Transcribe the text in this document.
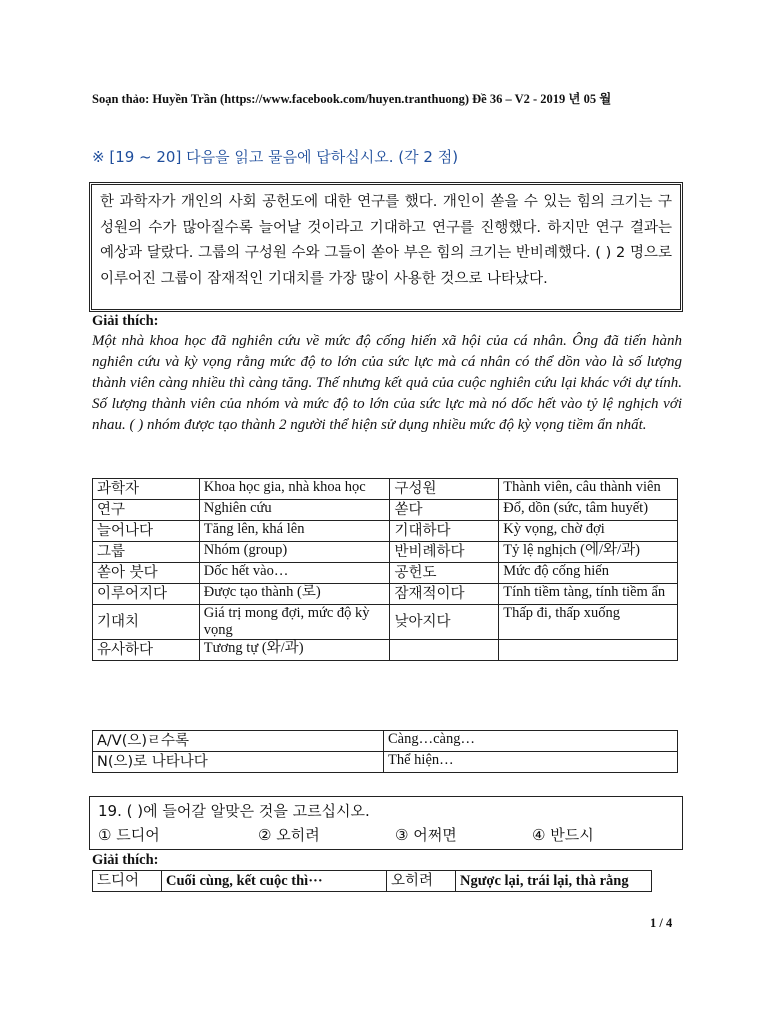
Soạn thảo: Huyền Trần (https://www.facebook.com/huyen.tranthuong) Đề 36 – V2 - 2019 년 05 월
※ [19 ~ 20] 다음을 읽고 물음에 답하십시오. (각 2 점)
한 과학자가 개인의 사회 공헌도에 대한 연구를 했다. 개인이 쏟을 수 있는 힘의 크기는 구성원의 수가 많아질수록 늘어날 것이라고 기대하고 연구를 진행했다. 하지만 연구 결과는 예상과 달랐다. 그룹의 구성원 수와 그들이 쏟아 부은 힘의 크기는 반비례했다. ( ) 2 명으로 이루어진 그룹이 잠재적인 기대치를 가장 많이 사용한 것으로 나타났다.
Giải thích:
Một nhà khoa học đã nghiên cứu về mức độ cống hiến xã hội của cá nhân. Ông đã tiến hành nghiên cứu và kỳ vọng rằng mức độ to lớn của sức lực mà cá nhân có thể dồn vào là số lượng thành viên càng nhiều thì càng tăng. Thế nhưng kết quả của cuộc nghiên cứu lại khác với dự tính. Số lượng thành viên của nhóm và mức độ to lớn của sức lực mà nó dốc hết vào tỷ lệ nghịch với nhau. ( ) nhóm được tạo thành 2 người thể hiện sử dụng nhiều mức độ kỳ vọng tiềm ẩn nhất.
과학자	Khoa học gia, nhà khoa học	구성원	Thành viên, câu thành viên
연구	Nghiên cứu	쏟다	Đổ, dồn (sức, tâm huyết)
늘어나다	Tăng lên, khá lên	기대하다	Kỳ vọng, chờ đợi
그룹	Nhóm (group)	반비례하다	Tỷ lệ nghịch (에/와/과)
쏟아 붓다	Dốc hết vào…	공헌도	Mức độ cống hiến
이루어지다	Được tạo thành (로)	잠재적이다	Tính tiềm tàng, tính tiềm ẩn
기대치	Giá trị mong đợi, mức độ kỳ vọng	낮아지다	Thấp đi, thấp xuống
유사하다	Tương tự (와/과)		
A/V(으)ㄹ수록	Càng…càng…
N(으)로 나타나다	Thể hiện…
19. ( )에 들어갈 알맞은 것을 고르십시오.
① 드디어	② 오히려	③ 어쩌면	④ 반드시
Giải thích:
드디어	Cuối cùng, kết cuộc thì···	오히려	Ngược lại, trái lại, thà rằng
1 / 4
